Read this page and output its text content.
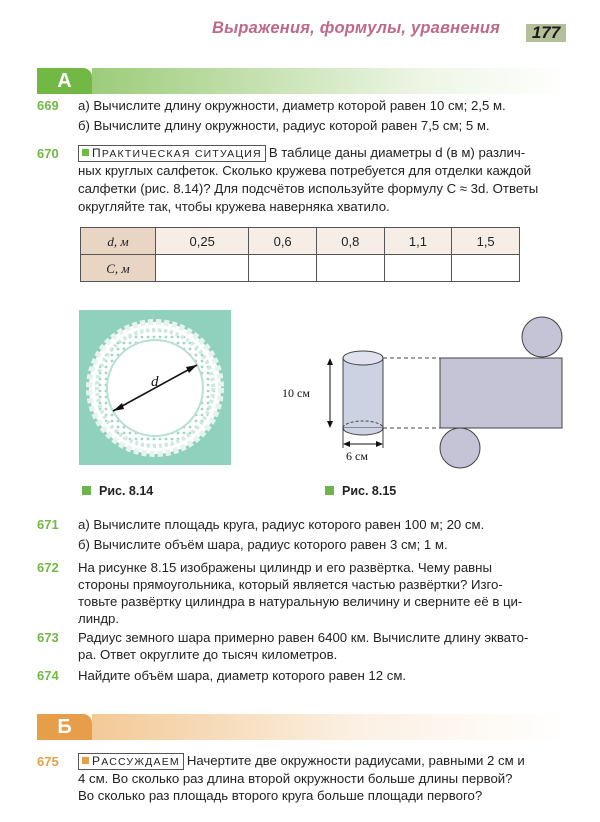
Выражения, формулы, уравнения	177
А
669 а) Вычислите длину окружности, диаметр которой равен 10 см; 2,5 м.
б) Вычислите длину окружности, радиус которой равен 7,5 см; 5 м.
670	ПРАКТИЧЕСКАЯ СИТУАЦИЯ В таблице даны диаметры d (в м) различ-
ных круглых салфеток. Сколько кружева потребуется для отделки каждой
салфетки (рис. 8.14)? Для подсчётов используйте формулу C ≈ 3d. Ответы
округляйте так, чтобы кружева наверняка хватило.
d, м	0,25	0,6	0,8	1,1	1,5
C, м					
d
Рис. 8.14
10 см
6 см
Рис. 8.15
671 а) Вычислите площадь круга, радиус которого равен 100 м; 20 см.
б) Вычислите объём шара, радиус которого равен 3 см; 1 м.
672 На рисунке 8.15 изображены цилиндр и его развёртка. Чему равны
стороны прямоугольника, который является частью развёртки? Изго-
товьте развёртку цилиндра в натуральную величину и сверните её в ци-
линдр.
673 Радиус земного шара примерно равен 6400 км. Вычислите длину эквато-
ра. Ответ округлите до тысяч километров.
674 Найдите объём шара, диаметр которого равен 12 см.
Б
675	РАССУЖДАЕМ Начертите две окружности радиусами, равными 2 см и
4 см. Во сколько раз длина второй окружности больше длины первой?
Во сколько раз площадь второго круга больше площади первого?
